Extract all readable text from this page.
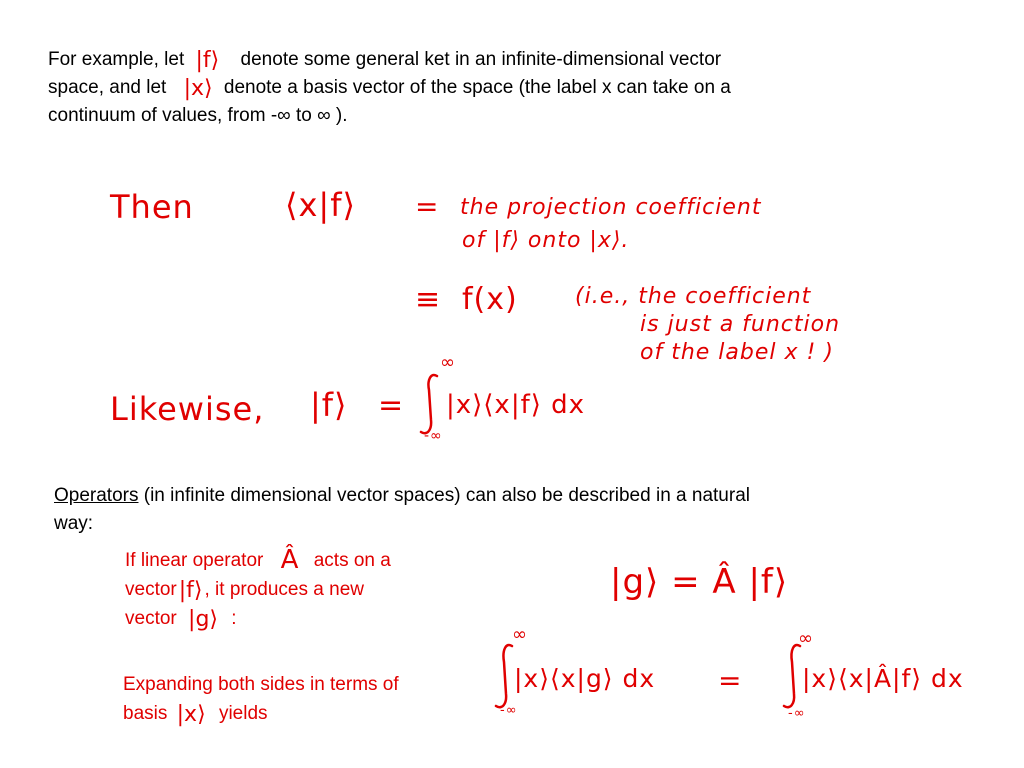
For example, let |f⟩ denote some general ket in an infinite-dimensional vector
space, and let |x⟩ denote a basis vector of the space (the label x can take on a
continuum of values, from -∞ to ∞ ).
Then	⟨x|f⟩ = the projection coefficient
of |f⟩ onto |x⟩.
≡ f(x)	(i.e., the coefficient
is just a function
of the label x ! )
Likewise, |f⟩ =
∞
-∞
|x⟩⟨x|f⟩ dx
Operators (in infinite dimensional vector spaces) can also be described in a natural
way:
If linear operator Â acts on a
vector|f⟩ , it produces a new
vector |g⟩ :
Expanding both sides in terms of
basis |x⟩ yields
|g⟩ = Â |f⟩
∞
-∞
|x⟩⟨x|g⟩ dx =
∞
-∞
|x⟩⟨x|Â|f⟩ dx
